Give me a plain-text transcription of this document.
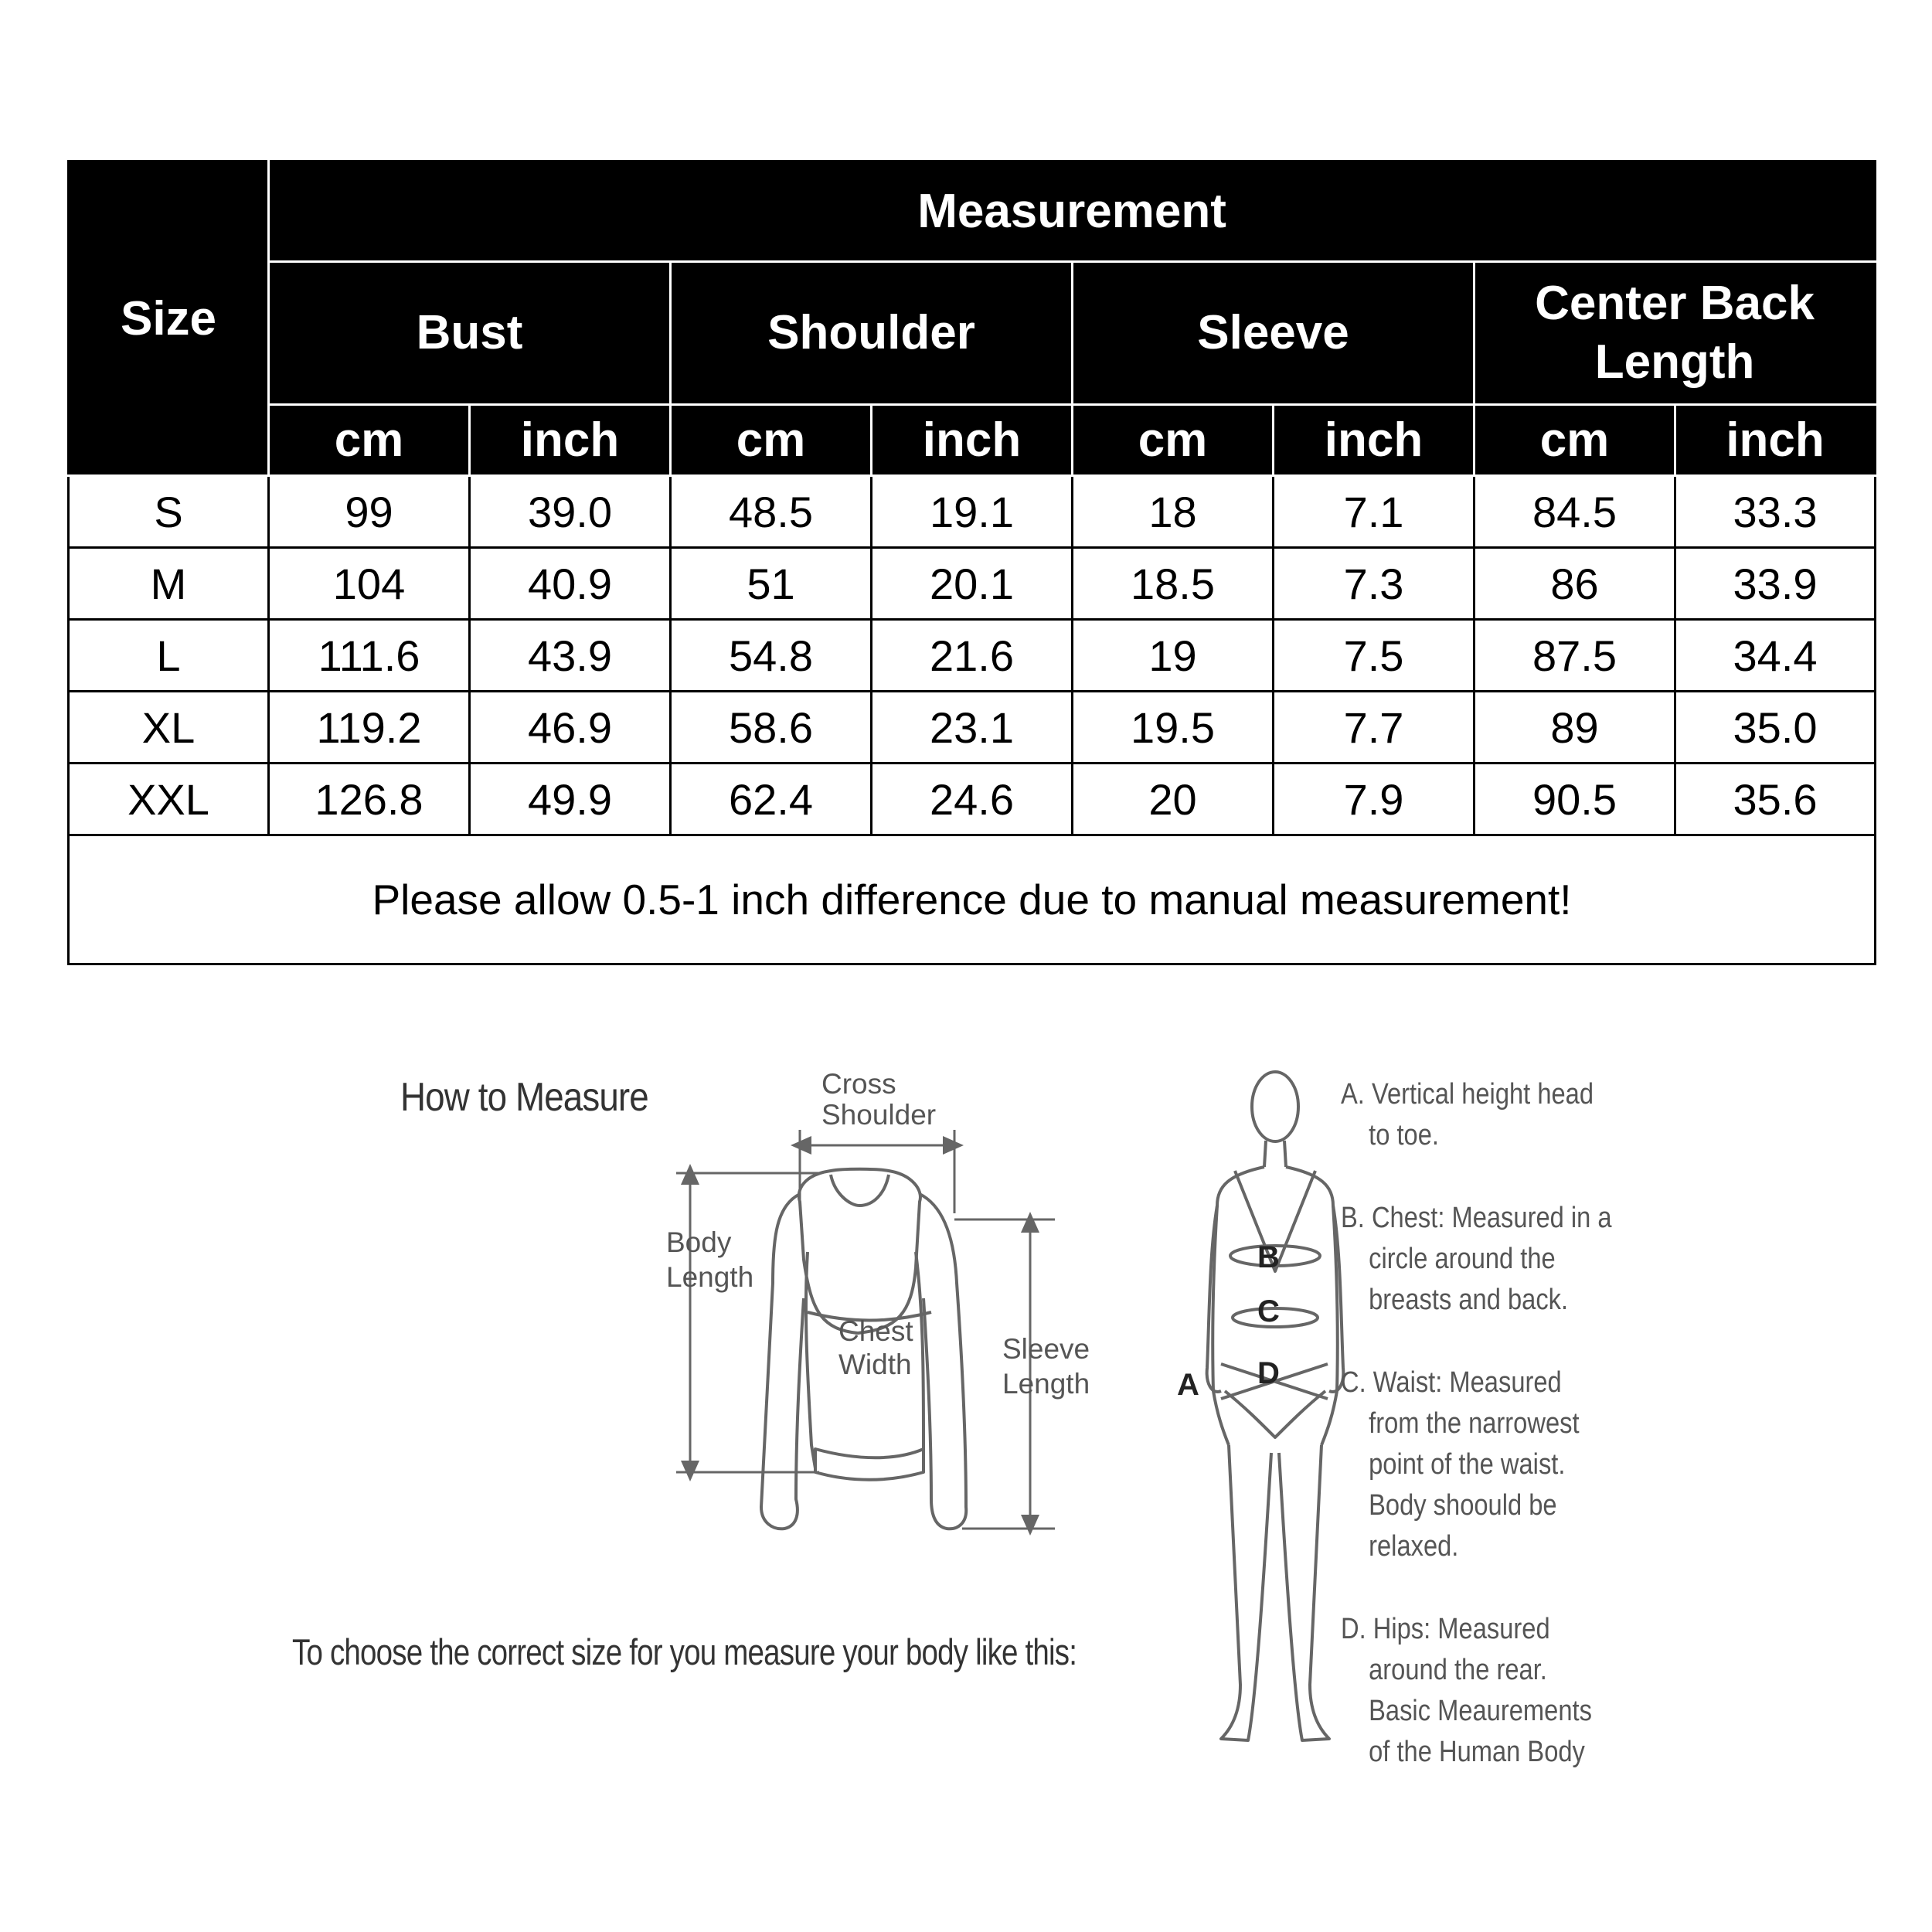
Size	Measurement							
	Bust		Shoulder		Sleeve		Center Back Length	

	cm	inch	cm	inch	cm	inch	cm	inch
S	99	39.0	48.5	19.1	18	7.1	84.5	33.3
M	104	40.9	51	20.1	18.5	7.3	86	33.9
L	111.6	43.9	54.8	21.6	19	7.5	87.5	34.4
XL	119.2	46.9	58.6	23.1	19.5	7.7	89	35.0
XXL	126.8	49.9	62.4	24.6	20	7.9	90.5	35.6
Please allow 0.5-1 inch difference due to manual measurement!								
How to Measure
To choose the correct size for you measure your body like this:
Cross
Shoulder
Body
Length
Chest
Width	Sleeve
Length
B
C
D
A
A. Vertical height head
to toe.
B. Chest: Measured in a
circle around the
breasts and back.
C. Waist: Measured
from the narrowest
point of the waist.
Body shoould be
relaxed.
D. Hips: Measured
around the rear.
Basic Meaurements
of the Human Body
